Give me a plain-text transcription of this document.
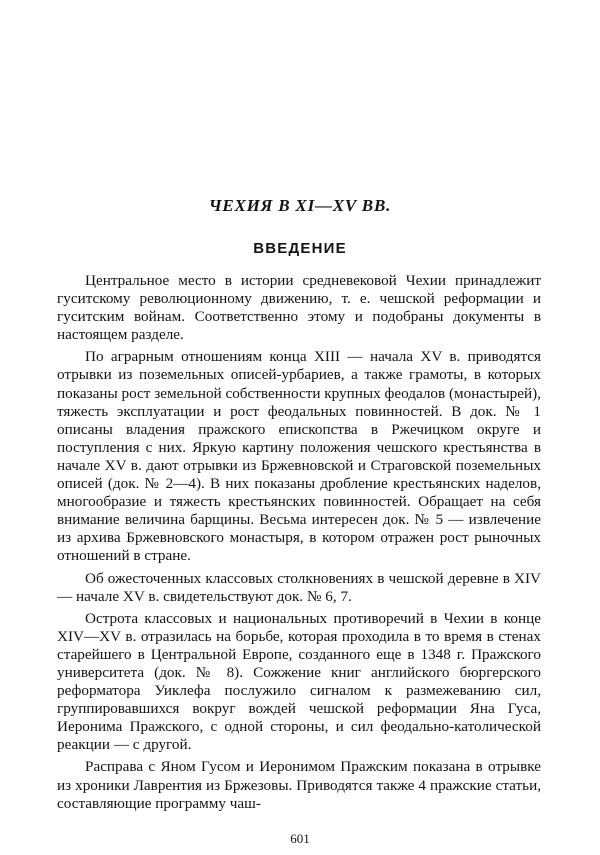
ЧЕХИЯ В XI—XV ВВ.
ВВЕДЕНИЕ

Центральное место в истории средневековой Чехии принадлежит гуситскому революционному движению, т. е. чешской реформации и гуситским войнам. Соответственно этому и подобраны документы в настоящем разделе.

По аграрным отношениям конца XIII — начала XV в. приводятся отрывки из поземельных описей-урбариев, а также грамоты, в которых показаны рост земельной собственности крупных феодалов (монастырей), тяжесть эксплуатации и рост феодальных повинностей. В док. № 1 описаны владения пражского епископства в Ржечицком округе и поступления с них. Яркую картину положения чешского крестьянства в начале XV в. дают отрывки из Бржевновской и Страговской поземельных описей (док. № 2—4). В них показаны дробление крестьянских наделов, многообразие и тяжесть крестьянских повинностей. Обращает на себя внимание величина барщины. Весьма интересен док. № 5 — извлечение из архива Бржевновского монастыря, в котором отражен рост рыночных отношений в стране.

Об ожесточенных классовых столкновениях в чешской деревне в XIV — начале XV в. свидетельствуют док. № 6, 7.

Острота классовых и национальных противоречий в Чехии в конце XIV—XV в. отразилась на борьбе, которая проходила в то время в стенах старейшего в Центральной Европе, созданного еще в 1348 г. Пражского университета (док. № 8). Сожжение книг английского бюргерского реформатора Уиклефа послужило сигналом к размежеванию сил, группировавшихся вокруг вождей чешской реформации Яна Гуса, Иеронима Пражского, с одной стороны, и сил феодально-католической реакции — с другой.

Расправа с Яном Гусом и Иеронимом Пражским показана в отрывке из хроники Лаврентия из Бржезовы. Приводятся также 4 пражские статьи, составляющие программу чаш-

601
